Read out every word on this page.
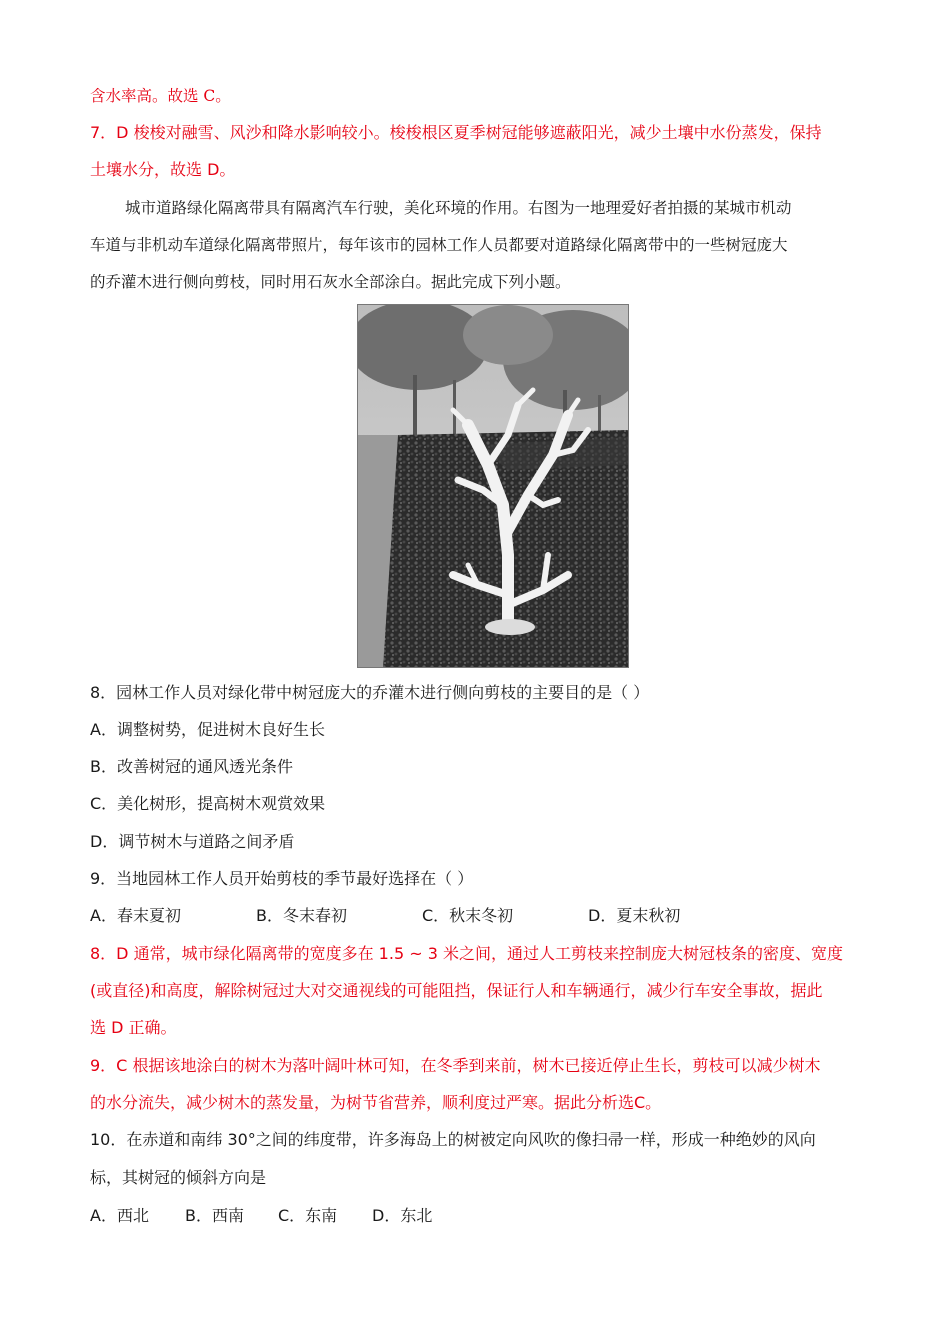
含水率高。故选 C。
7．D 梭梭对融雪、风沙和降水影响较小。梭梭根区夏季树冠能够遮蔽阳光，减少土壤中水份蒸发，保持
土壤水分，故选 D。
城市道路绿化隔离带具有隔离汽车行驶，美化环境的作用。右图为一地理爱好者拍摄的某城市机动
车道与非机动车道绿化隔离带照片，每年该市的园林工作人员都要对道路绿化隔离带中的一些树冠庞大
的乔灌木进行侧向剪枝，同时用石灰水全部涂白。据此完成下列小题。
8．园林工作人员对绿化带中树冠庞大的乔灌木进行侧向剪枝的主要目的是（ ）
A．调整树势，促进树木良好生长
B．改善树冠的通风透光条件
C．美化树形，提高树木观赏效果
D．调节树木与道路之间矛盾
9．当地园林工作人员开始剪枝的季节最好选择在（ ）
A．春末夏初	B．冬末春初	C．秋末冬初	D．夏末秋初
8．D 通常，城市绿化隔离带的宽度多在 1.5 ~ 3 米之间，通过人工剪枝来控制庞大树冠枝条的密度、宽度
(或直径)和高度，解除树冠过大对交通视线的可能阻挡，保证行人和车辆通行，减少行车安全事故，据此
选 D 正确。
9．C 根据该地涂白的树木为落叶阔叶林可知，在冬季到来前，树木已接近停止生长，剪枝可以减少树木
的水分流失，减少树木的蒸发量，为树节省营养，顺利度过严寒。据此分析选C。
10．在赤道和南纬 30°之间的纬度带，许多海岛上的树被定向风吹的像扫帚一样，形成一种绝妙的风向
标，其树冠的倾斜方向是
A．西北 B．西南 C．东南 D．东北
